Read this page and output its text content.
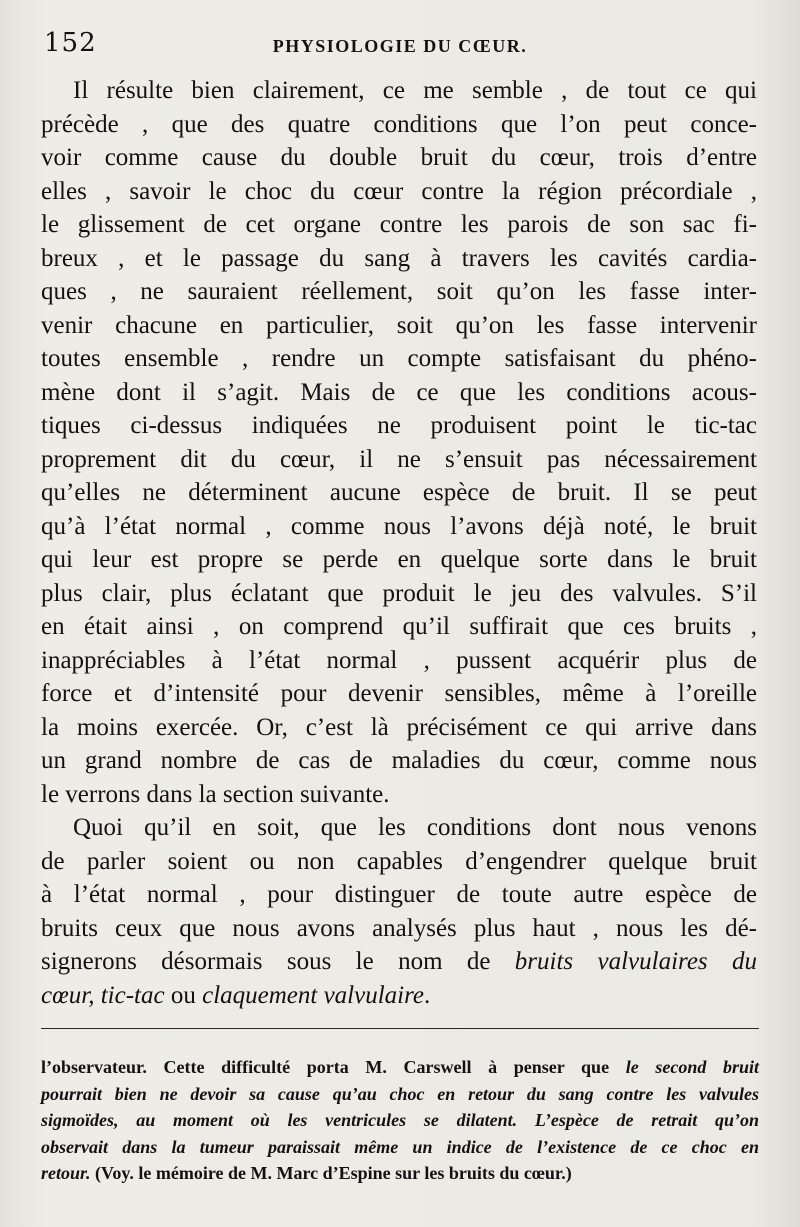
152	PHYSIOLOGIE DU CŒUR.
Il résulte bien clairement, ce me semble , de tout ce qui
précède , que des quatre conditions que l’on peut conce-
voir comme cause du double bruit du cœur, trois d’entre
elles , savoir le choc du cœur contre la région précordiale ,
le glissement de cet organe contre les parois de son sac fi-
breux , et le passage du sang à travers les cavités cardia-
ques , ne sauraient réellement, soit qu’on les fasse inter-
venir chacune en particulier, soit qu’on les fasse intervenir
toutes ensemble , rendre un compte satisfaisant du phéno-
mène dont il s’agit. Mais de ce que les conditions acous-
tiques ci-dessus indiquées ne produisent point le tic-tac
proprement dit du cœur, il ne s’ensuit pas nécessairement
qu’elles ne déterminent aucune espèce de bruit. Il se peut
qu’à l’état normal , comme nous l’avons déjà noté, le bruit
qui leur est propre se perde en quelque sorte dans le bruit
plus clair, plus éclatant que produit le jeu des valvules. S’il
en était ainsi , on comprend qu’il suffirait que ces bruits ,
inappréciables à l’état normal , pussent acquérir plus de
force et d’intensité pour devenir sensibles, même à l’oreille
la moins exercée. Or, c’est là précisément ce qui arrive dans
un grand nombre de cas de maladies du cœur, comme nous
le verrons dans la section suivante.
Quoi qu’il en soit, que les conditions dont nous venons
de parler soient ou non capables d’engendrer quelque bruit
à l’état normal , pour distinguer de toute autre espèce de
bruits ceux que nous avons analysés plus haut , nous les dé-
signerons désormais sous le nom de bruits valvulaires du
cœur, tic-tac ou claquement valvulaire.
l’observateur. Cette difficulté porta M. Carswell à penser que le second bruit
pourrait bien ne devoir sa cause qu’au choc en retour du sang contre les valvules
sigmoïdes, au moment où les ventricules se dilatent. L’espèce de retrait qu’on
observait dans la tumeur paraissait même un indice de l’existence de ce choc en
retour. (Voy. le mémoire de M. Marc d’Espine sur les bruits du cœur.)
